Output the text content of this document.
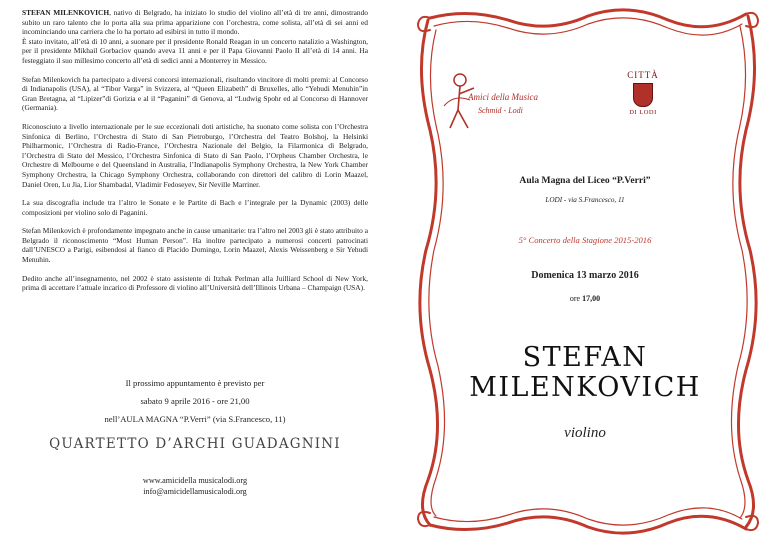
STEFAN MILENKOVICH, nativo di Belgrado, ha iniziato lo studio del violino all’età di tre anni, dimostrando subito un raro talento che lo porta alla sua prima apparizione con l’orchestra, come solista, all’età di sei anni ed incominciando una carriera che lo ha portato ad esibirsi in tutto il mondo.
È stato invitato, all’età di 10 anni, a suonare per il presidente Ronald Reagan in un concerto natalizio a Washington, per il presidente Mikhail Gorbaciov quando aveva 11 anni e per il Papa Giovanni Paolo II all’età di 14 anni. Ha festeggiato il suo millesimo concerto all’età di sedici anni a Monterrey in Messico.

Stefan Milenkovich ha partecipato a diversi concorsi internazionali, risultando vincitore di molti premi: al Concorso di Indianapolis (USA), al “Tibor Varga” in Svizzera, al “Queen Elizabeth” di Bruxelles, allo “Yehudi Menuhin”in Gran Bretagna, al “Lipizer”di Gorizia e al il “Paganini” di Genova, al “Ludwig Spohr ed al Concorso di Hannover (Germania).

Riconosciuto a livello internazionale per le sue eccezionali doti artistiche, ha suonato come solista con l’Orchestra Sinfonica di Berlino, l’Orchestra di Stato di San Pietroburgo, l’Orchestra del Teatro Bolshoj, la Helsinki Philharmonic, l’Orchestra di Radio-France, l’Orchestra Nazionale del Belgio, la Filarmonica di Belgrado, l’Orchestra di Stato del Messico, l’Orchestra Sinfonica di Stato di San Paolo, l’Orpheus Chamber Orchestra, le Orchestre di Melbourne e del Queensland in Australia, l’Indianapolis Symphony Orchestra, la New York Chamber Symphony Orchestra, la Chicago Symphony Orchestra, collaborando con direttori del calibro di Lorin Maazel, Daniel Oren, Lu Jia, Lior Shambadal, Vladimir Fedoseyev, Sir Neville Marriner.

La sua discografia include tra l’altro le Sonate e le Partite di Bach e l’integrale per la Dynamic (2003) delle composizioni per violino solo di Paganini.

Stefan Milenkovich è profondamente impegnato anche in cause umanitarie: tra l’altro nel 2003 gli è stato attribuito a Belgrado il riconoscimento “Most Human Person”. Ha inoltre partecipato a numerosi concerti patrocinati dall’UNESCO a Parigi, esibendosi al fianco di Placido Domingo, Lorin Maazel, Alexis Weissenberg e Sir Yehudi Menuhin.

Dedito anche all’insegnamento, nel 2002 è stato assistente di Itzhak Perlman alla Juilliard School di New York, prima di accettare l’attuale incarico di Professore di violino all’Università dell’Illinois Urbana – Champaign (USA).

Il prossimo appuntamento è previsto per

sabato 9 aprile 2016 - ore 21,00

nell’AULA MAGNA “P.Verri” (via S.Francesco, 11)

QUARTETTO D’ARCHI GUADAGNINI

www.amicidella musicalodi.org
info@amicidellamusicalodi.org
Amici della Musica
Schmid - Lodi
CITTÀ
DI LODI
Aula Magna del Liceo “P.Verri”
LODI - via S.Francesco, 11
5° Concerto della Stagione 2015-2016
Domenica 13 marzo 2016
ore 17,00
STEFAN
MILENKOVICH
violino
